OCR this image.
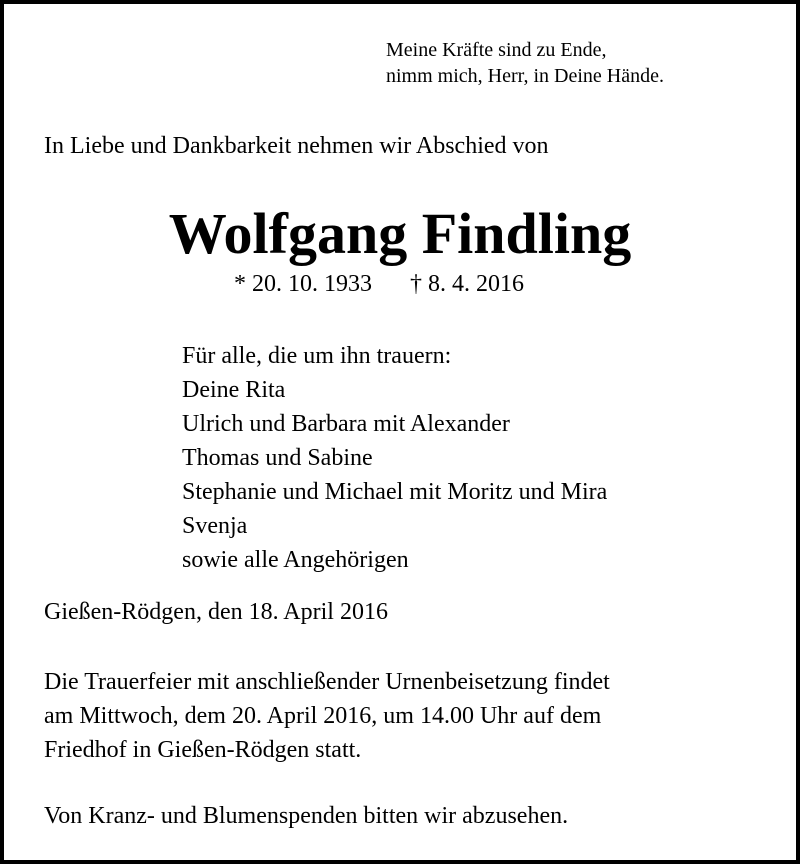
Meine Kräfte sind zu Ende,
nimm mich, Herr, in Deine Hände.
In Liebe und Dankbarkeit nehmen wir Abschied von
Wolfgang Findling
* 20. 10. 1933 † 8. 4. 2016
Für alle, die um ihn trauern:
Deine Rita
Ulrich und Barbara mit Alexander
Thomas und Sabine
Stephanie und Michael mit Moritz und Mira
Svenja
sowie alle Angehörigen
Gießen-Rödgen, den 18. April 2016
Die Trauerfeier mit anschließender Urnenbeisetzung findet
am Mittwoch, dem 20. April 2016, um 14.00 Uhr auf dem
Friedhof in Gießen-Rödgen statt.
Von Kranz- und Blumenspenden bitten wir abzusehen.
